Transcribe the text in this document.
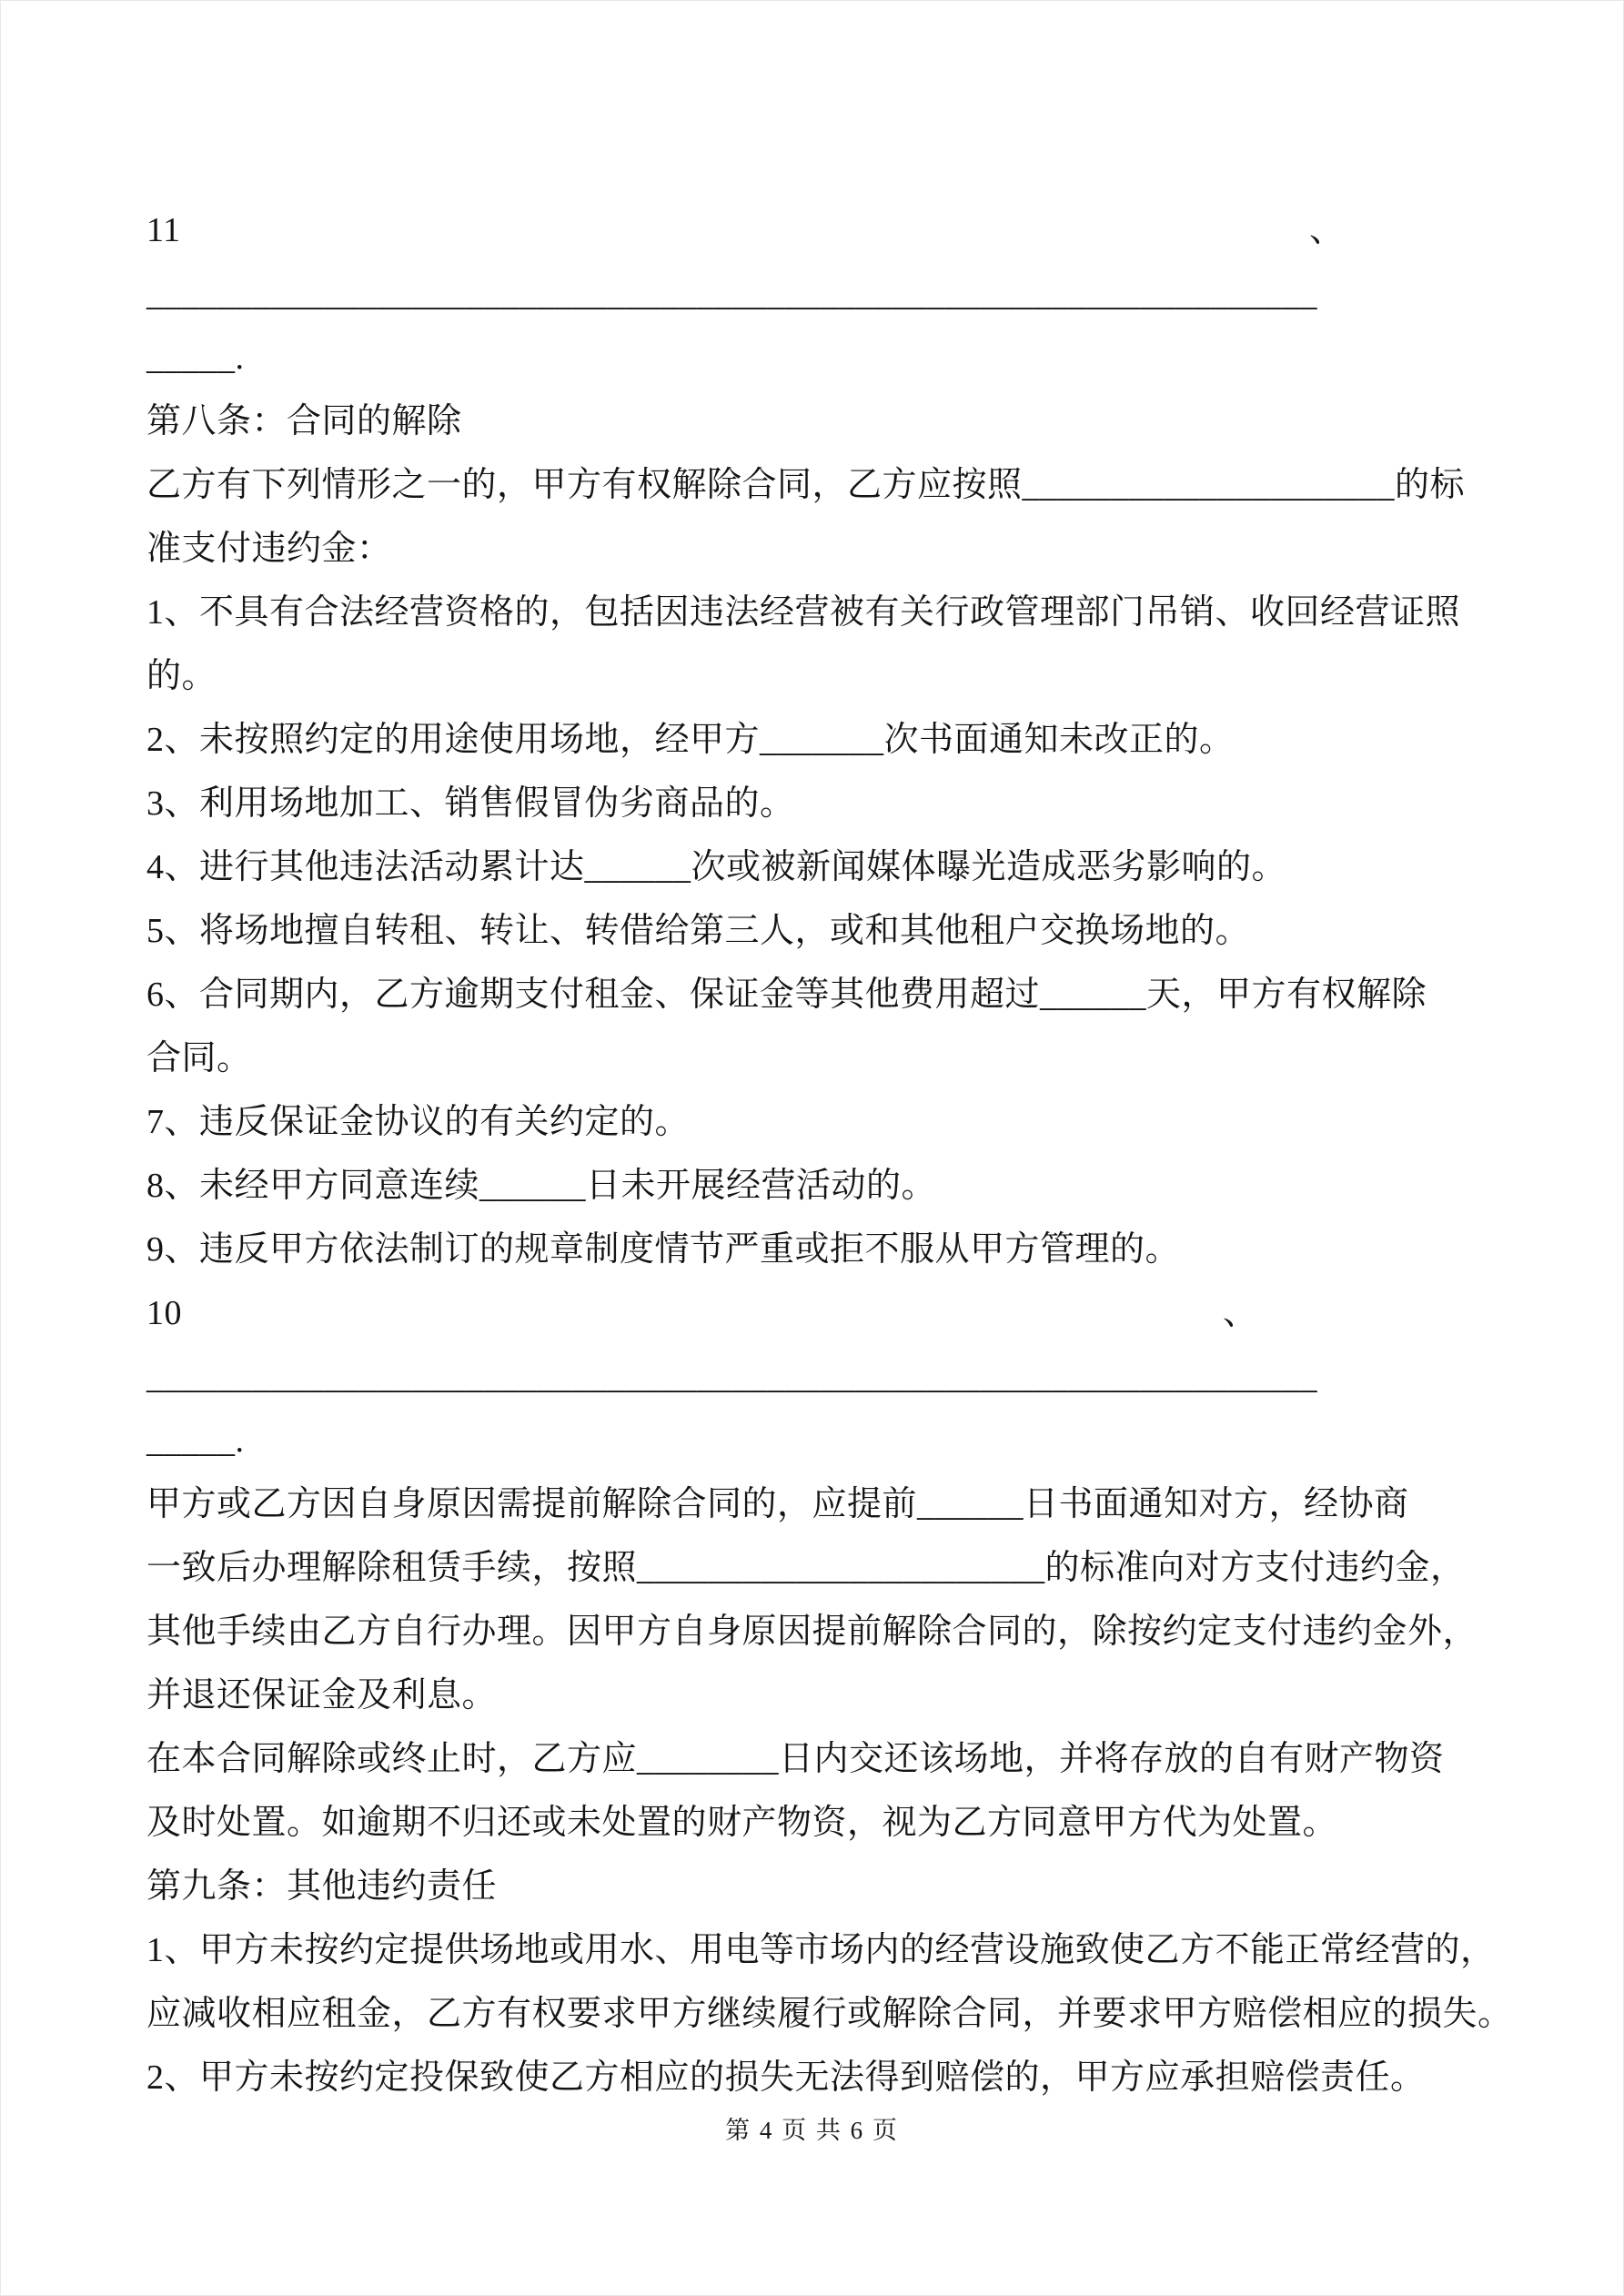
11	、
__________________________________________________________________
_____.
第八条：合同的解除
乙方有下列情形之一的，甲方有权解除合同，乙方应按照_____________________的标
准支付违约金：
1、不具有合法经营资格的，包括因违法经营被有关行政管理部门吊销、收回经营证照
的。
2、未按照约定的用途使用场地，经甲方_______次书面通知未改正的。
3、利用场地加工、销售假冒伪劣商品的。
4、进行其他违法活动累计达______次或被新闻媒体曝光造成恶劣影响的。
5、将场地擅自转租、转让、转借给第三人，或和其他租户交换场地的。
6、合同期内，乙方逾期支付租金、保证金等其他费用超过______天，甲方有权解除
合同。
7、违反保证金协议的有关约定的。
8、未经甲方同意连续______日未开展经营活动的。
9、违反甲方依法制订的规章制度情节严重或拒不服从甲方管理的。
10	、
__________________________________________________________________
_____.
甲方或乙方因自身原因需提前解除合同的，应提前______日书面通知对方，经协商
一致后办理解除租赁手续，按照_______________________的标准向对方支付违约金，
其他手续由乙方自行办理。因甲方自身原因提前解除合同的，除按约定支付违约金外，
并退还保证金及利息。
在本合同解除或终止时，乙方应________日内交还该场地，并将存放的自有财产物资
及时处置。如逾期不归还或未处置的财产物资，视为乙方同意甲方代为处置。
第九条：其他违约责任
1、甲方未按约定提供场地或用水、用电等市场内的经营设施致使乙方不能正常经营的，
应减收相应租金，乙方有权要求甲方继续履行或解除合同，并要求甲方赔偿相应的损失。
2、甲方未按约定投保致使乙方相应的损失无法得到赔偿的，甲方应承担赔偿责任。
第 4 页 共 6 页
